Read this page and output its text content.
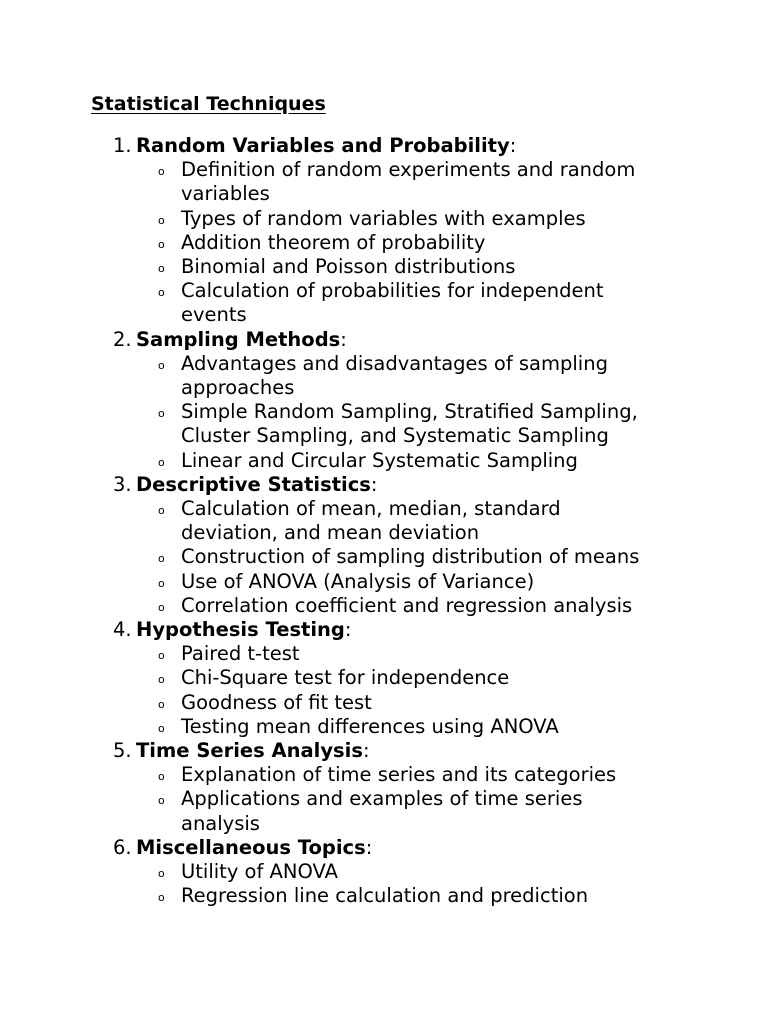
Statistical Techniques
1. Random Variables and Probability:
o Definition of random experiments and random variables
o Types of random variables with examples
o Addition theorem of probability
o Binomial and Poisson distributions
o Calculation of probabilities for independent events
2. Sampling Methods:
o Advantages and disadvantages of sampling approaches
o Simple Random Sampling, Stratified Sampling, Cluster Sampling, and Systematic Sampling
o Linear and Circular Systematic Sampling
3. Descriptive Statistics:
o Calculation of mean, median, standard deviation, and mean deviation
o Construction of sampling distribution of means
o Use of ANOVA (Analysis of Variance)
o Correlation coefficient and regression analysis
4. Hypothesis Testing:
o Paired t-test
o Chi-Square test for independence
o Goodness of fit test
o Testing mean differences using ANOVA
5. Time Series Analysis:
o Explanation of time series and its categories
o Applications and examples of time series analysis
6. Miscellaneous Topics:
o Utility of ANOVA
o Regression line calculation and prediction
